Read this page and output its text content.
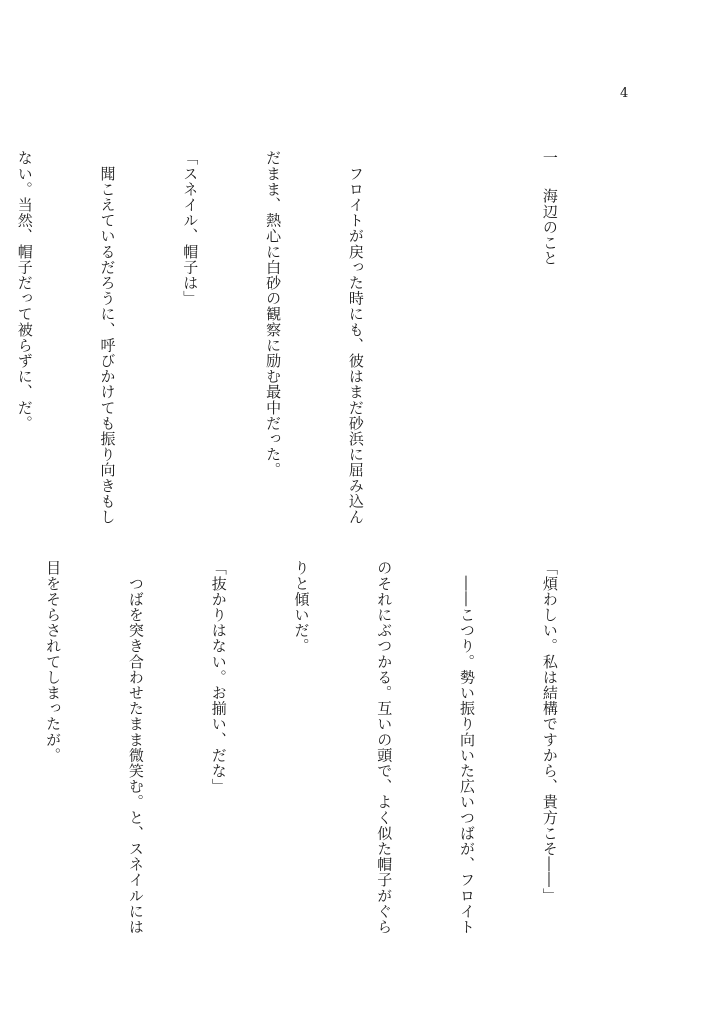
4

一海辺のこと

　フロイトが戻った時にも、彼はまだ砂浜に屈み込ん

だまま、熱心に白砂の観察に励む最中だった。

「スネイル、帽子は」

　聞こえているだろうに、呼びかけても振り向きもし

ない。当然、帽子だって被らずに、だ。

「煩わしい。私は結構ですから、貴方こそ――」

　――こつり。勢い振り向いた広いつばが、フロイト

のそれにぶつかる。互いの頭で、よく似た帽子がぐら

りと傾いだ。

「抜かりはない。お揃い、だな」

　つばを突き合わせたまま微笑む。と、スネイルには

目をそらされてしまったが。
